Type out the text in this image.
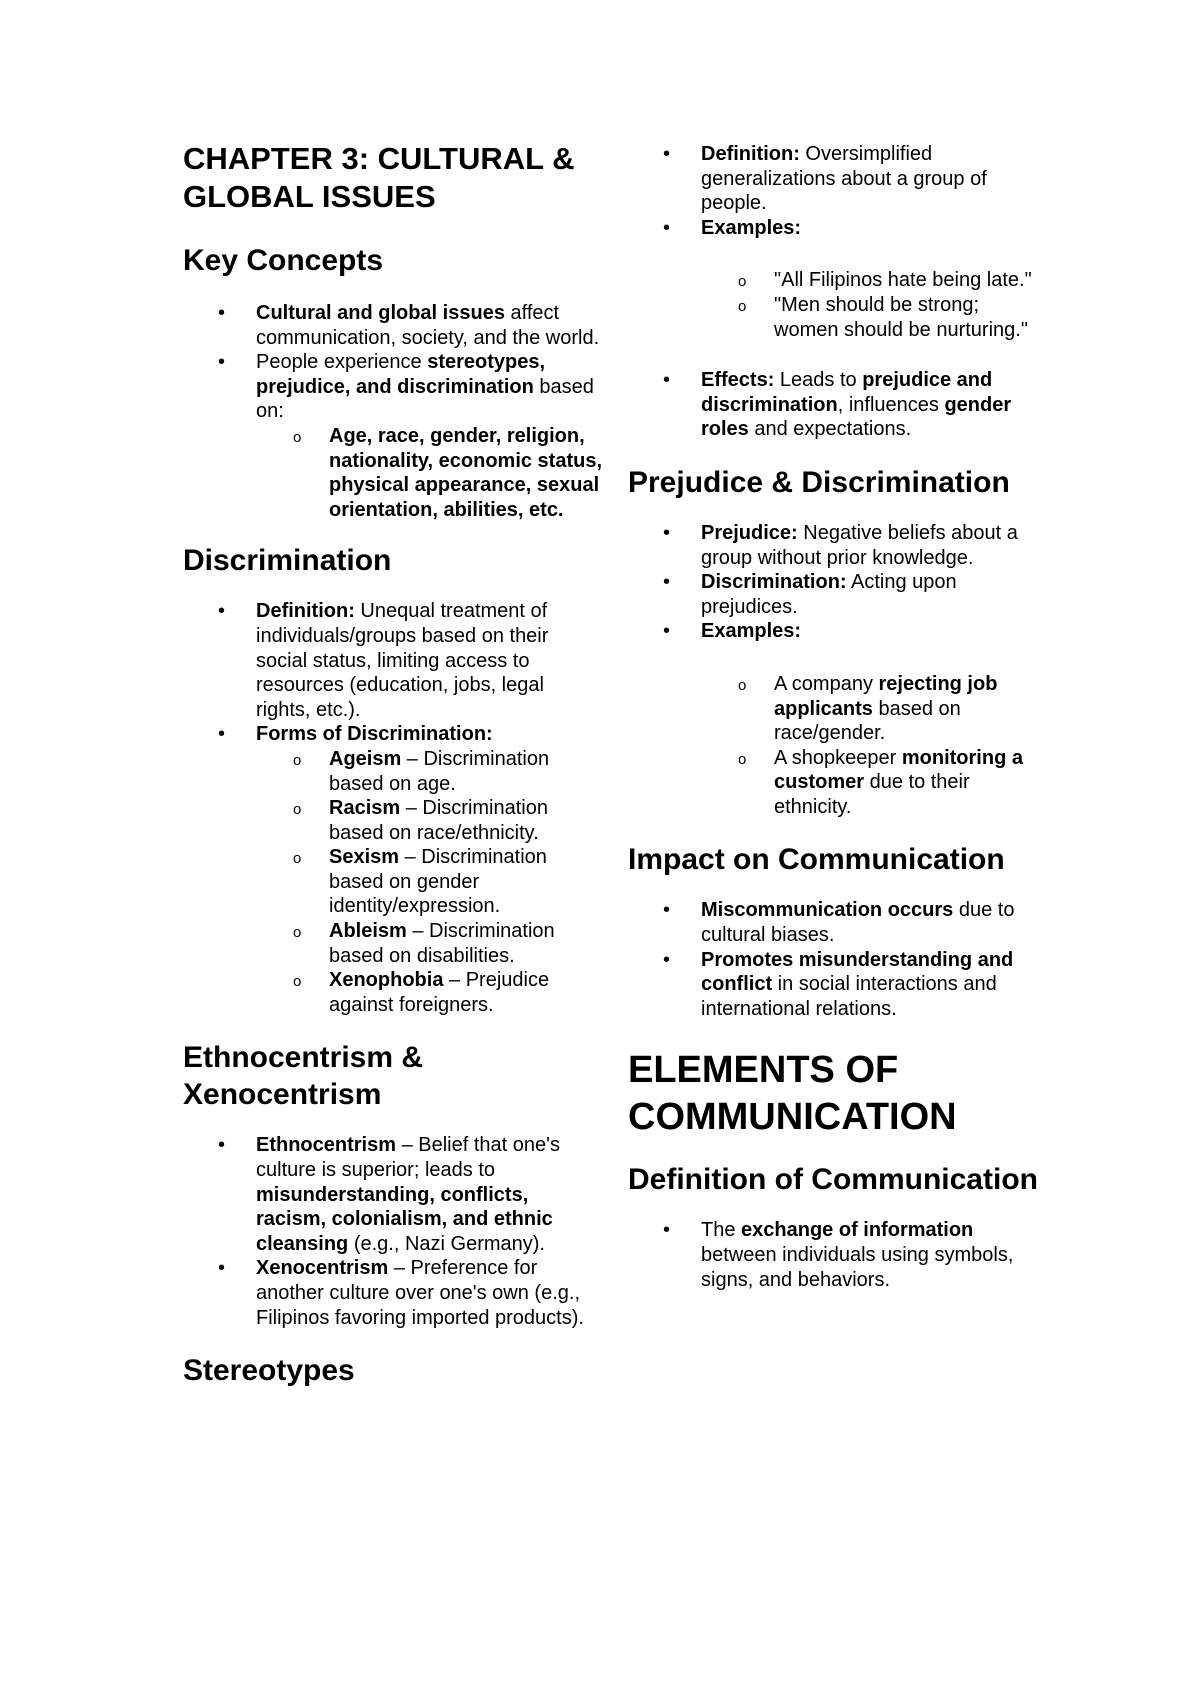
CHAPTER 3: CULTURAL & GLOBAL ISSUES
Key Concepts
• Cultural and global issues affect communication, society, and the world.
• People experience stereotypes, prejudice, and discrimination based on:
o Age, race, gender, religion, nationality, economic status, physical appearance, sexual orientation, abilities, etc.
Discrimination
• Definition: Unequal treatment of individuals/groups based on their social status, limiting access to resources (education, jobs, legal rights, etc.).
• Forms of Discrimination:
o Ageism – Discrimination based on age.
o Racism – Discrimination based on race/ethnicity.
o Sexism – Discrimination based on gender identity/expression.
o Ableism – Discrimination based on disabilities.
o Xenophobia – Prejudice against foreigners.
Ethnocentrism & Xenocentrism
• Ethnocentrism – Belief that one's culture is superior; leads to misunderstanding, conflicts, racism, colonialism, and ethnic cleansing (e.g., Nazi Germany).
• Xenocentrism – Preference for another culture over one's own (e.g., Filipinos favoring imported products).
Stereotypes
• Definition: Oversimplified generalizations about a group of people.
• Examples:
o "All Filipinos hate being late."
o "Men should be strong; women should be nurturing."
• Effects: Leads to prejudice and discrimination, influences gender roles and expectations.
Prejudice & Discrimination
• Prejudice: Negative beliefs about a group without prior knowledge.
• Discrimination: Acting upon prejudices.
• Examples:
o A company rejecting job applicants based on race/gender.
o A shopkeeper monitoring a customer due to their ethnicity.
Impact on Communication
• Miscommunication occurs due to cultural biases.
• Promotes misunderstanding and conflict in social interactions and international relations.
ELEMENTS OF COMMUNICATION
Definition of Communication
• The exchange of information between individuals using symbols, signs, and behaviors.
